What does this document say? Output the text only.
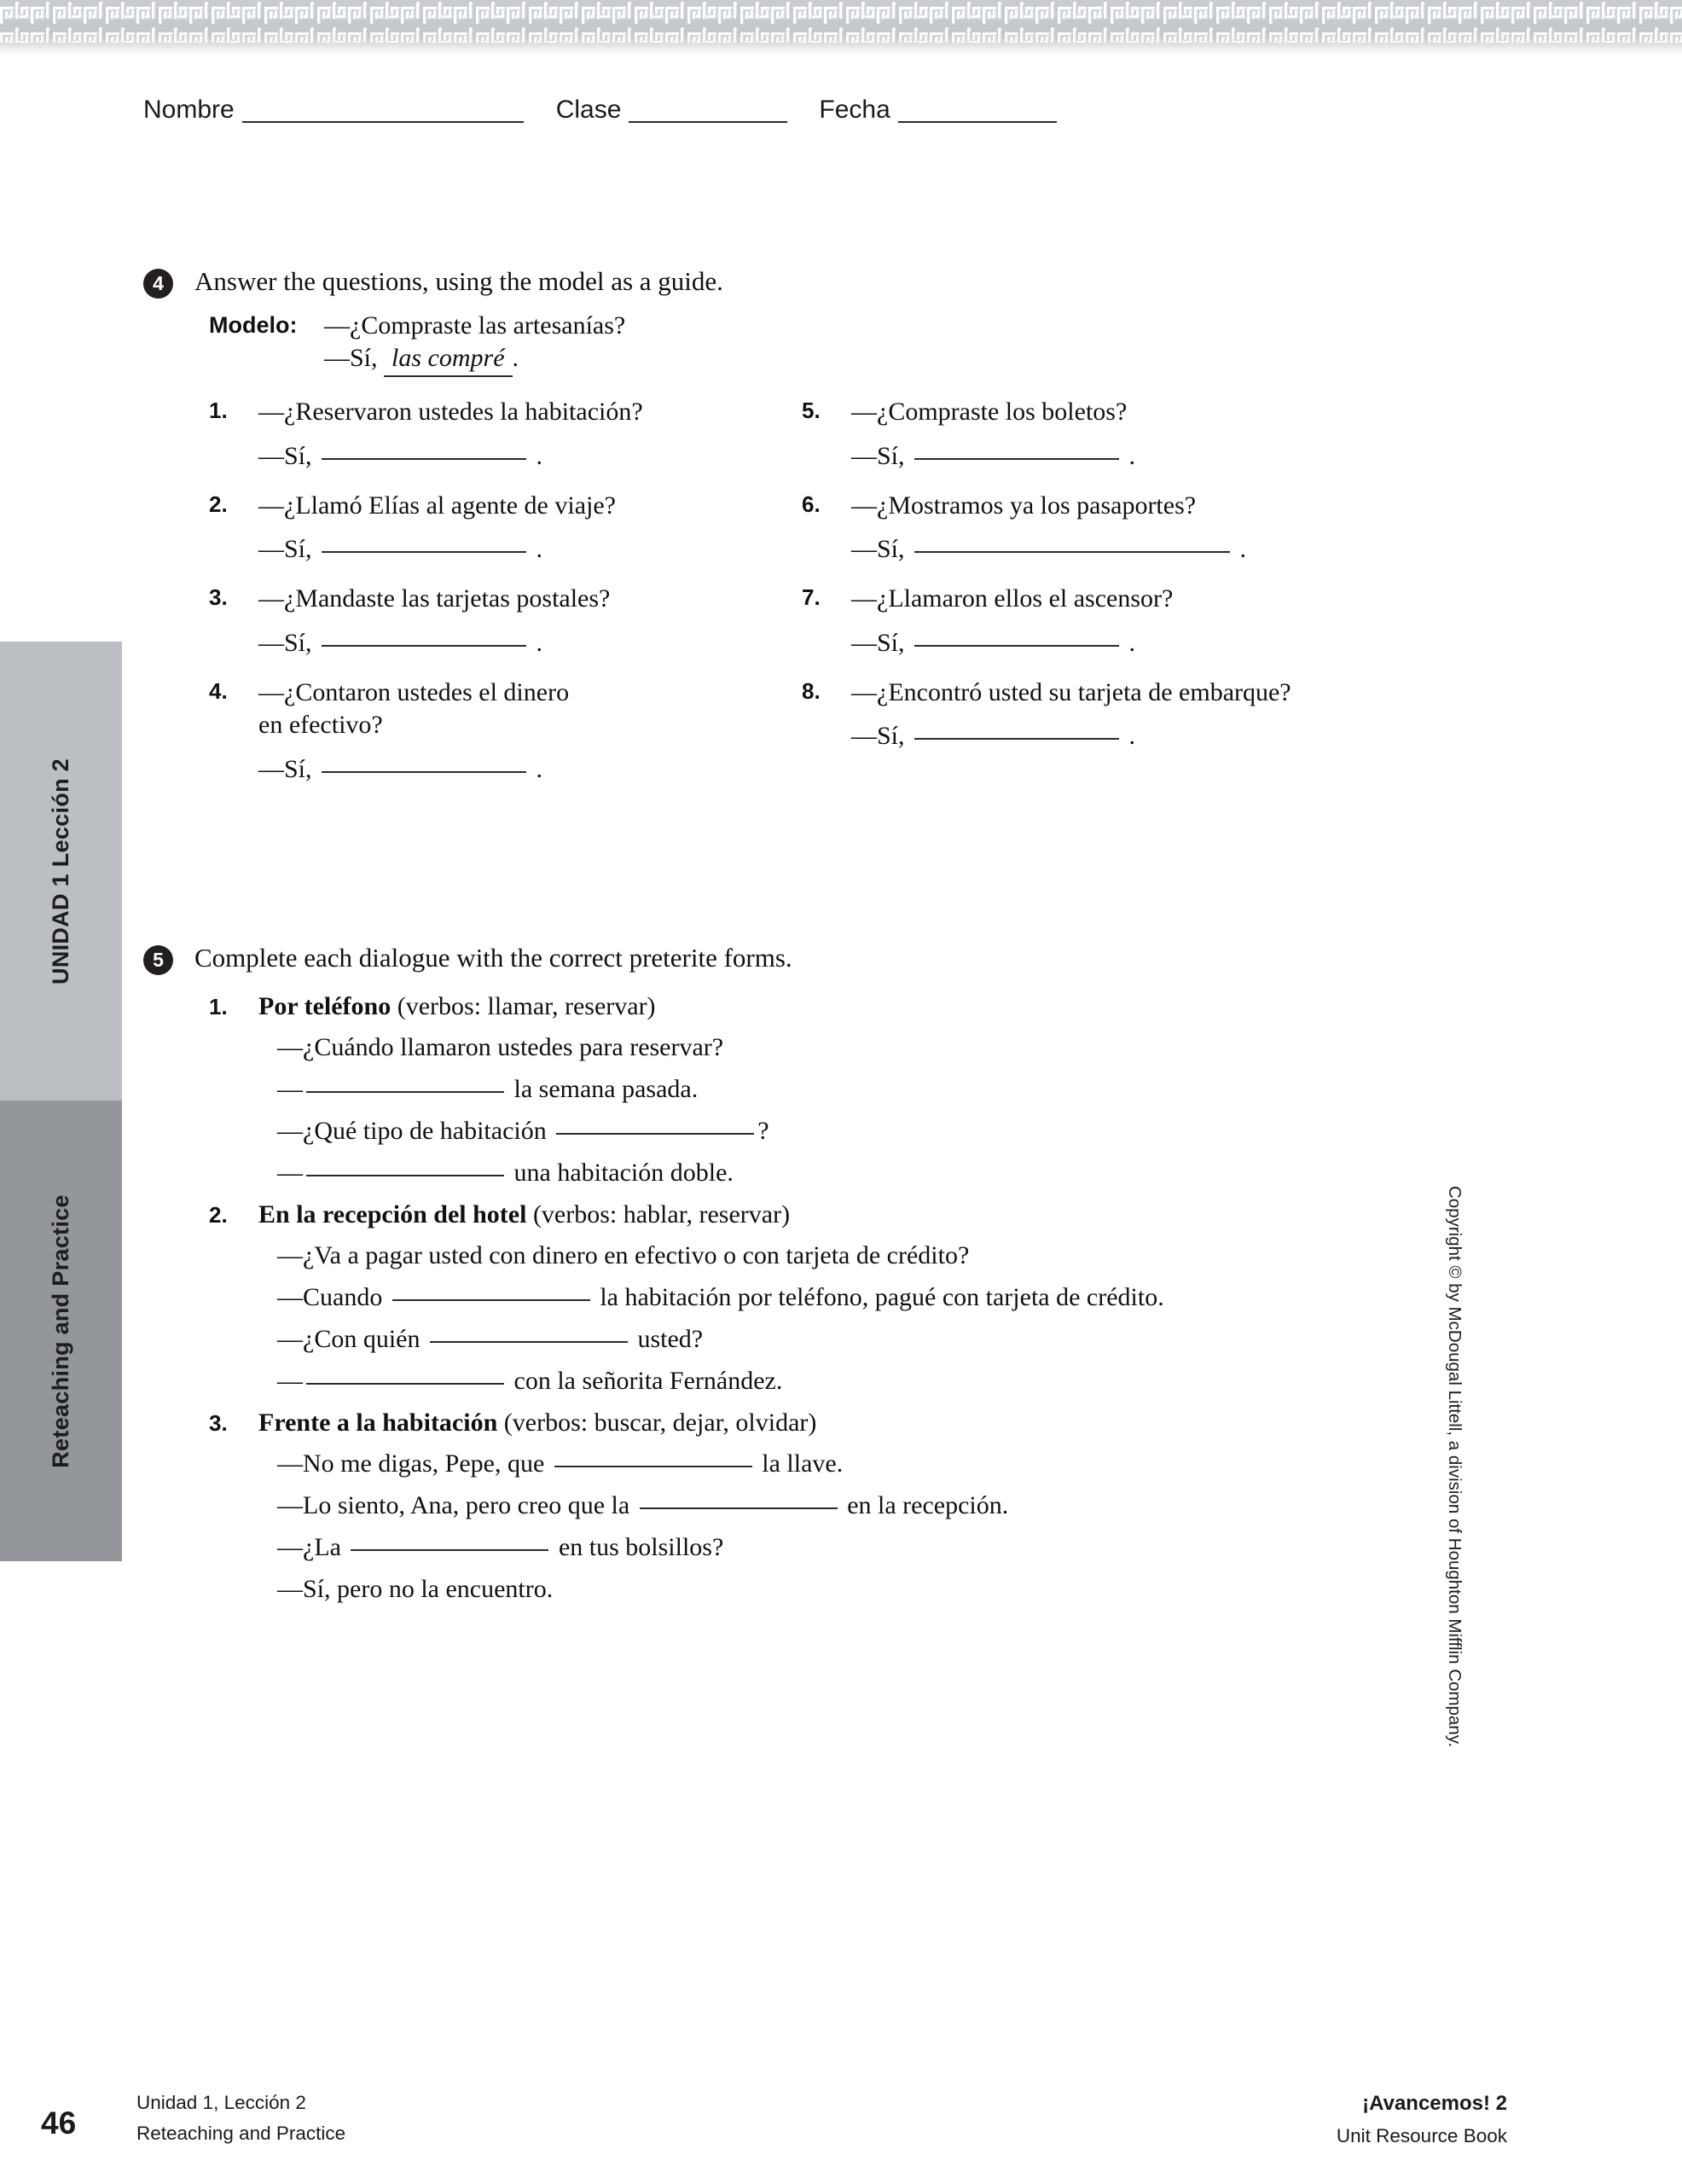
Nombre	Clase	Fecha
UNIDAD 1 Lección 2
Reteaching and Practice	Copyright © by McDougal Littell, a division of Houghton Mifflin Company.
4	Answer the questions, using the model as a guide.
Modelo:	—¿Compraste las artesanías?
—Sí, las compré .
1. —¿Reservaron ustedes la habitación?
—Sí,	.
2. —¿Llamó Elías al agente de viaje?
—Sí,	.
3. —¿Mandaste las tarjetas postales?
—Sí,	.
4. —¿Contaron ustedes el dinero
en efectivo?
—Sí,	.
5. —¿Compraste los boletos?
—Sí,	.
6. —¿Mostramos ya los pasaportes?
—Sí,	.
7. —¿Llamaron ellos el ascensor?
—Sí,	.
8. —¿Encontró usted su tarjeta de embarque?
—Sí,	.
5	Complete each dialogue with the correct preterite forms.
1. Por teléfono (verbos: llamar, reservar)
—¿Cuándo llamaron ustedes para reservar?
—	la semana pasada.
—¿Qué tipo de habitación	?
—	una habitación doble.
2. En la recepción del hotel (verbos: hablar, reservar)
—¿Va a pagar usted con dinero en efectivo o con tarjeta de crédito?
—Cuando	la habitación por teléfono, pagué con tarjeta de crédito.
—¿Con quién	usted?
—	con la señorita Fernández.
3. Frente a la habitación (verbos: buscar, dejar, olvidar)
—No me digas, Pepe, que	la llave.
—Lo siento, Ana, pero creo que la	en la recepción.
—¿La	en tus bolsillos?
—Sí, pero no la encuentro.
46
Unidad 1, Lección 2
Reteaching and Practice
¡Avancemos! 2
Unit Resource Book
